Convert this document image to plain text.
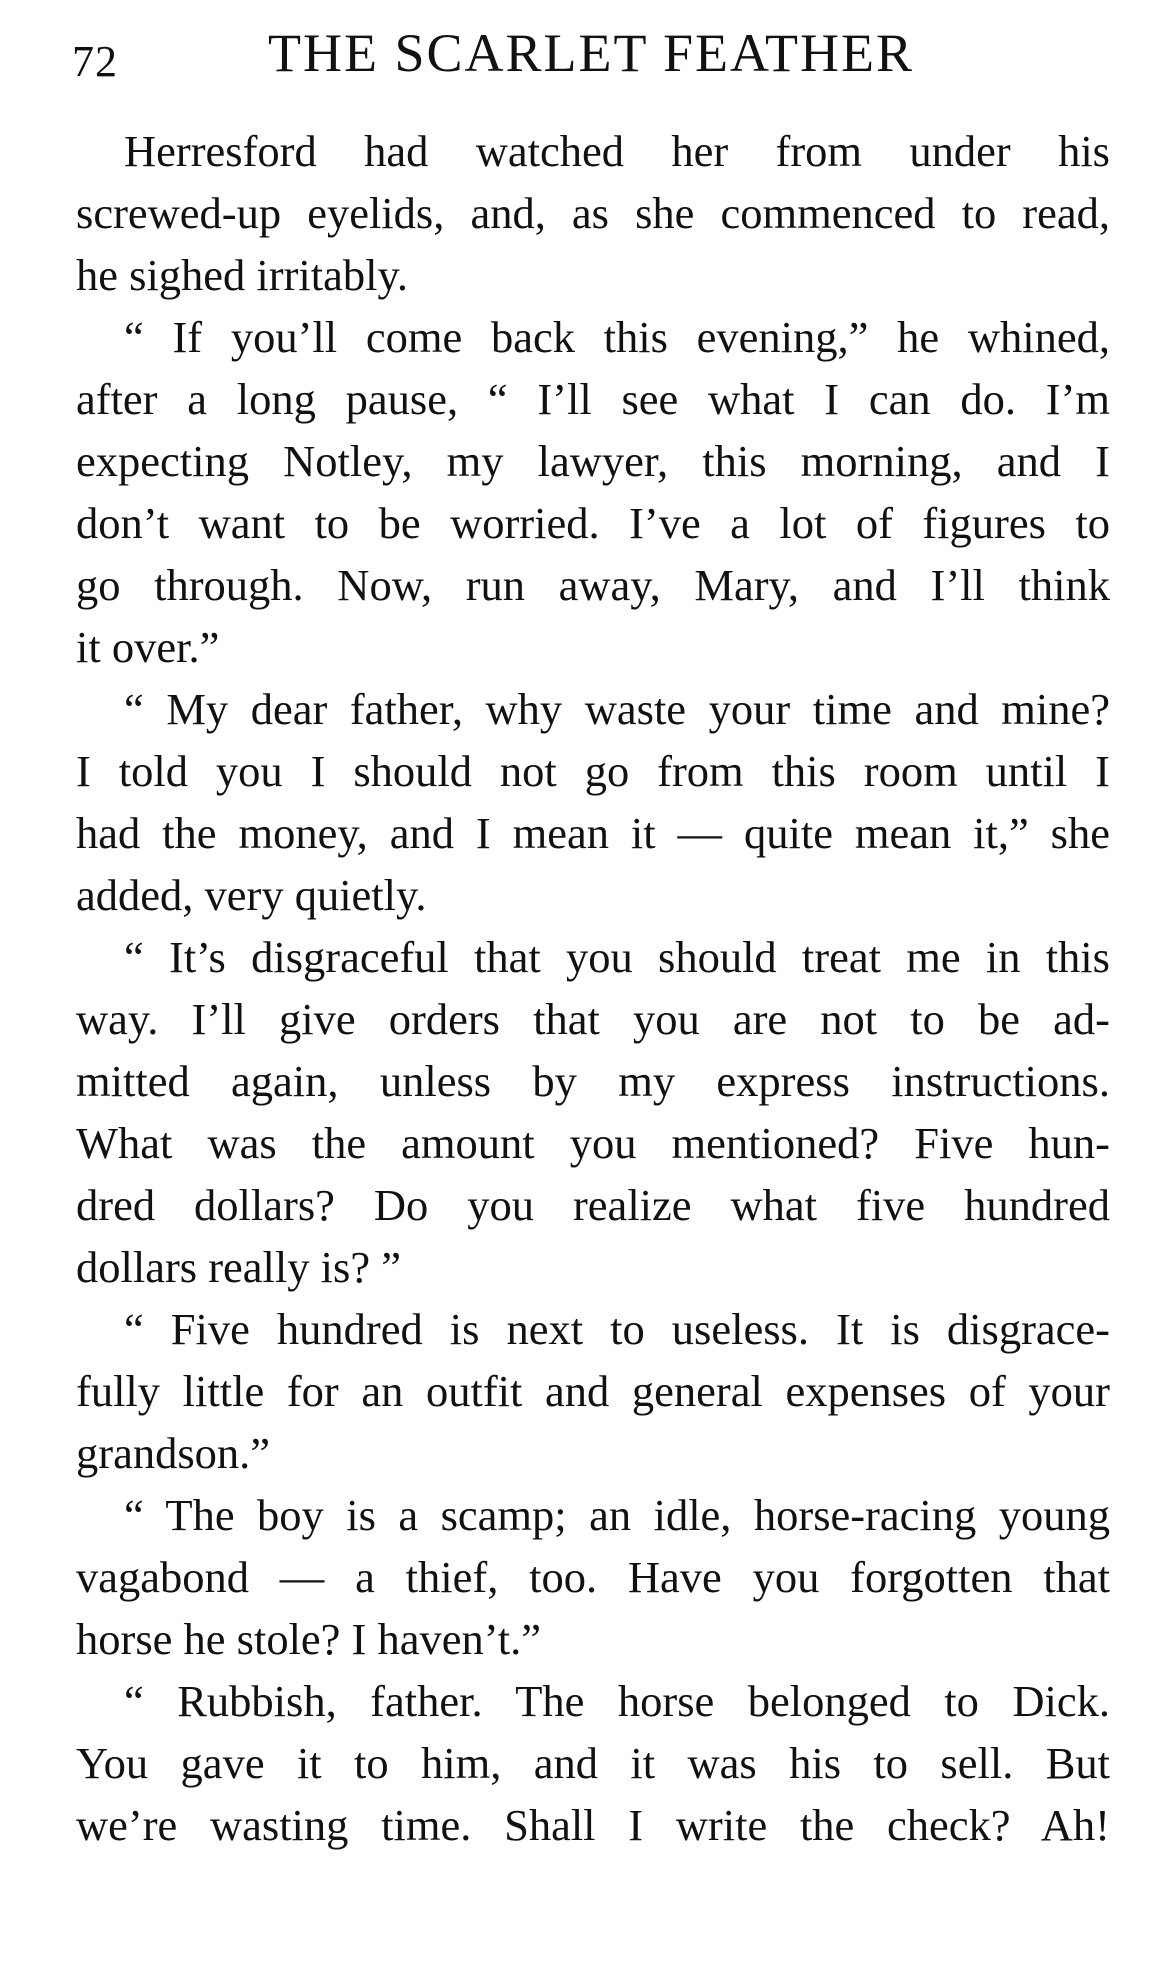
72	THE SCARLET FEATHER
Herresford had watched her from under his
screwed-up eyelids, and, as she commenced to read,
he sighed irritably.
“ If you’ll come back this evening,” he whined,
after a long pause, “ I’ll see what I can do. I’m
expecting Notley, my lawyer, this morning, and I
don’t want to be worried. I’ve a lot of figures to
go through. Now, run away, Mary, and I’ll think
it over.”
“ My dear father, why waste your time and mine?
I told you I should not go from this room until I
had the money, and I mean it — quite mean it,” she
added, very quietly.
“ It’s disgraceful that you should treat me in this
way. I’ll give orders that you are not to be ad-
mitted again, unless by my express instructions.
What was the amount you mentioned? Five hun-
dred dollars? Do you realize what five hundred
dollars really is? ”
“ Five hundred is next to useless. It is disgrace-
fully little for an outfit and general expenses of your
grandson.”
“ The boy is a scamp; an idle, horse-racing young
vagabond — a thief, too. Have you forgotten that
horse he stole? I haven’t.”
“ Rubbish, father. The horse belonged to Dick.
You gave it to him, and it was his to sell. But
we’re wasting time. Shall I write the check? Ah!
